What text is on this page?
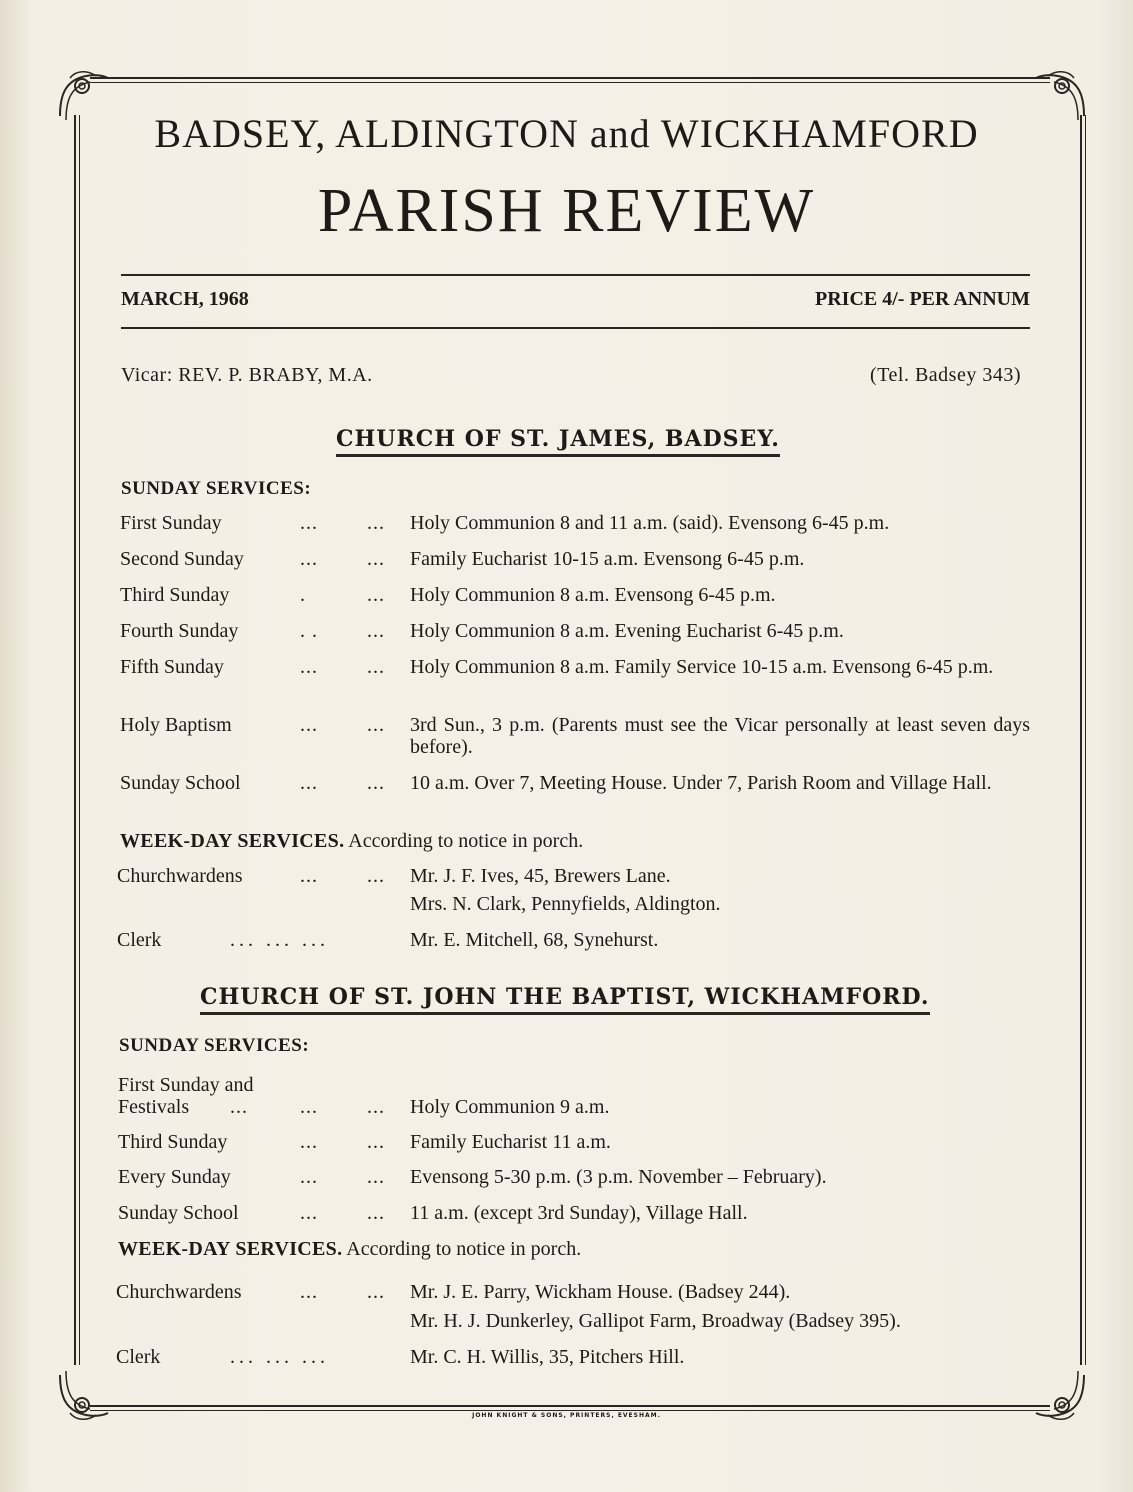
BADSEY, ALDINGTON and WICKHAMFORD
PARISH REVIEW
MARCH, 1968	PRICE 4/- PER ANNUM
Vicar: REV. P. BRABY, M.A.	(Tel. Badsey 343)
CHURCH OF ST. JAMES, BADSEY.
SUNDAY SERVICES:
First Sunday	...	...	Holy Communion 8 and 11 a.m. (said). Evensong 6-45 p.m.
Second Sunday	...	...	Family Eucharist 10-15 a.m. Evensong 6-45 p.m.
Third Sunday	.	...	Holy Communion 8 a.m. Evensong 6-45 p.m.
Fourth Sunday	. .	...	Holy Communion 8 a.m. Evening Eucharist 6-45 p.m.
Fifth Sunday	...	...	Holy Communion 8 a.m. Family Service 10-15 a.m. Evensong 6-45 p.m.
Holy Baptism	...	...	3rd Sun., 3 p.m. (Parents must see the Vicar personally at least seven days before).
Sunday School	...	...	10 a.m. Over 7, Meeting House. Under 7, Parish Room and Village Hall.
WEEK-DAY SERVICES. According to notice in porch.
Churchwardens	...	...	Mr. J. F. Ives, 45, Brewers Lane.
Mrs. N. Clark, Pennyfields, Aldington.
Clerk	... ... ...	Mr. E. Mitchell, 68, Synehurst.
CHURCH OF ST. JOHN THE BAPTIST, WICKHAMFORD.
SUNDAY SERVICES:
First Sunday and
Festivals	...	...	...	Holy Communion 9 a.m.
Third Sunday	...	...	Family Eucharist 11 a.m.
Every Sunday	...	...	Evensong 5-30 p.m. (3 p.m. November – February).
Sunday School	...	...	11 a.m. (except 3rd Sunday), Village Hall.
WEEK-DAY SERVICES. According to notice in porch.
Churchwardens	...	...	Mr. J. E. Parry, Wickham House. (Badsey 244).
Mr. H. J. Dunkerley, Gallipot Farm, Broadway (Badsey 395).
Clerk	... ... ...	Mr. C. H. Willis, 35, Pitchers Hill.
JOHN KNIGHT & SONS, PRINTERS, EVESHAM.
